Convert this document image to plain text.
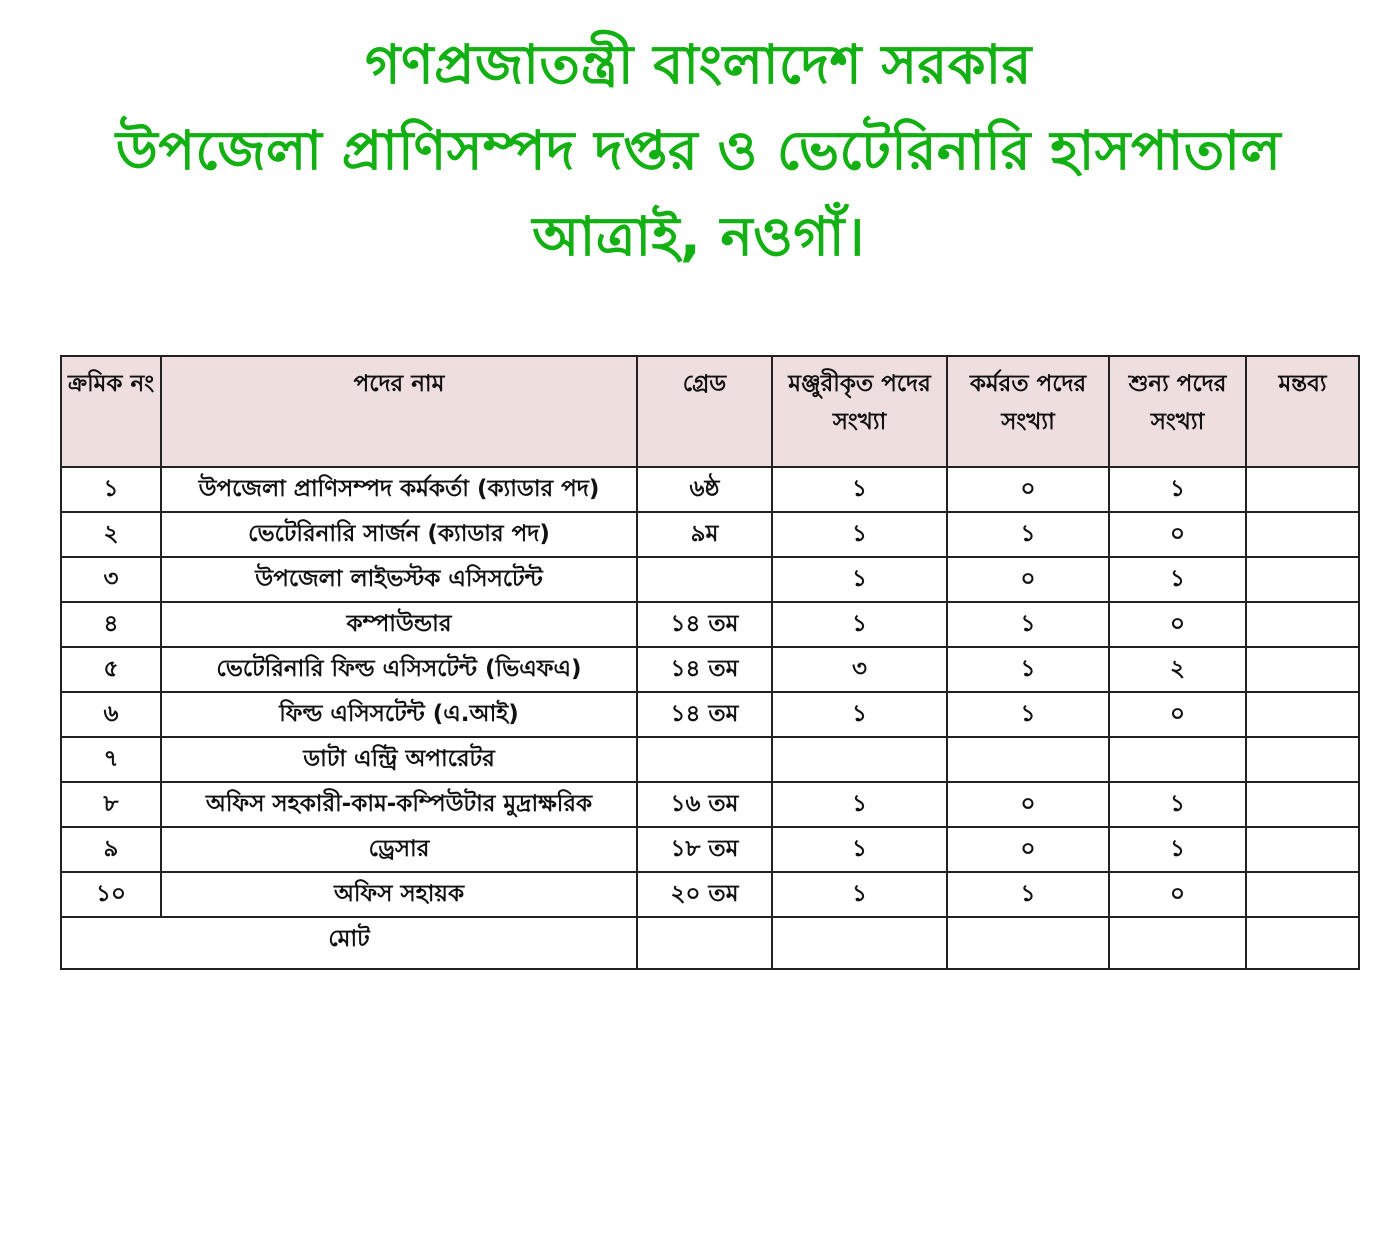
গণপ্রজাতন্ত্রী বাংলাদেশ সরকার
উপজেলা প্রাণিসম্পদ দপ্তর ও ভেটেরিনারি হাসপাতাল
আত্রাই, নওগাঁ।
ক্রমিক নং	পদের নাম	গ্রেড	মঞ্জুরীকৃত পদের সংখ্যা	কর্মরত পদের সংখ্যা	শুন্য পদের সংখ্যা	মন্তব্য
১	উপজেলা প্রাণিসম্পদ কর্মকর্তা (ক্যাডার পদ)	৬ষ্ঠ	১	০	১	
২	ভেটেরিনারি সার্জন (ক্যাডার পদ)	৯ম	১	১	০	
৩	উপজেলা লাইভস্টক এসিসটেন্ট		১	০	১	
৪	কম্পাউন্ডার	১৪ তম	১	১	০	
৫	ভেটেরিনারি ফিল্ড এসিসটেন্ট (ভিএফএ)	১৪ তম	৩	১	২	
৬	ফিল্ড এসিসটেন্ট (এ.আই)	১৪ তম	১	১	০	
৭	ডাটা এন্ট্রি অপারেটর					
৮	অফিস সহকারী-কাম-কম্পিউটার মুদ্রাক্ষরিক	১৬ তম	১	০	১	
৯	ড্রেসার	১৮ তম	১	০	১	
১০	অফিস সহায়ক	২০ তম	১	১	০	
মোট						
